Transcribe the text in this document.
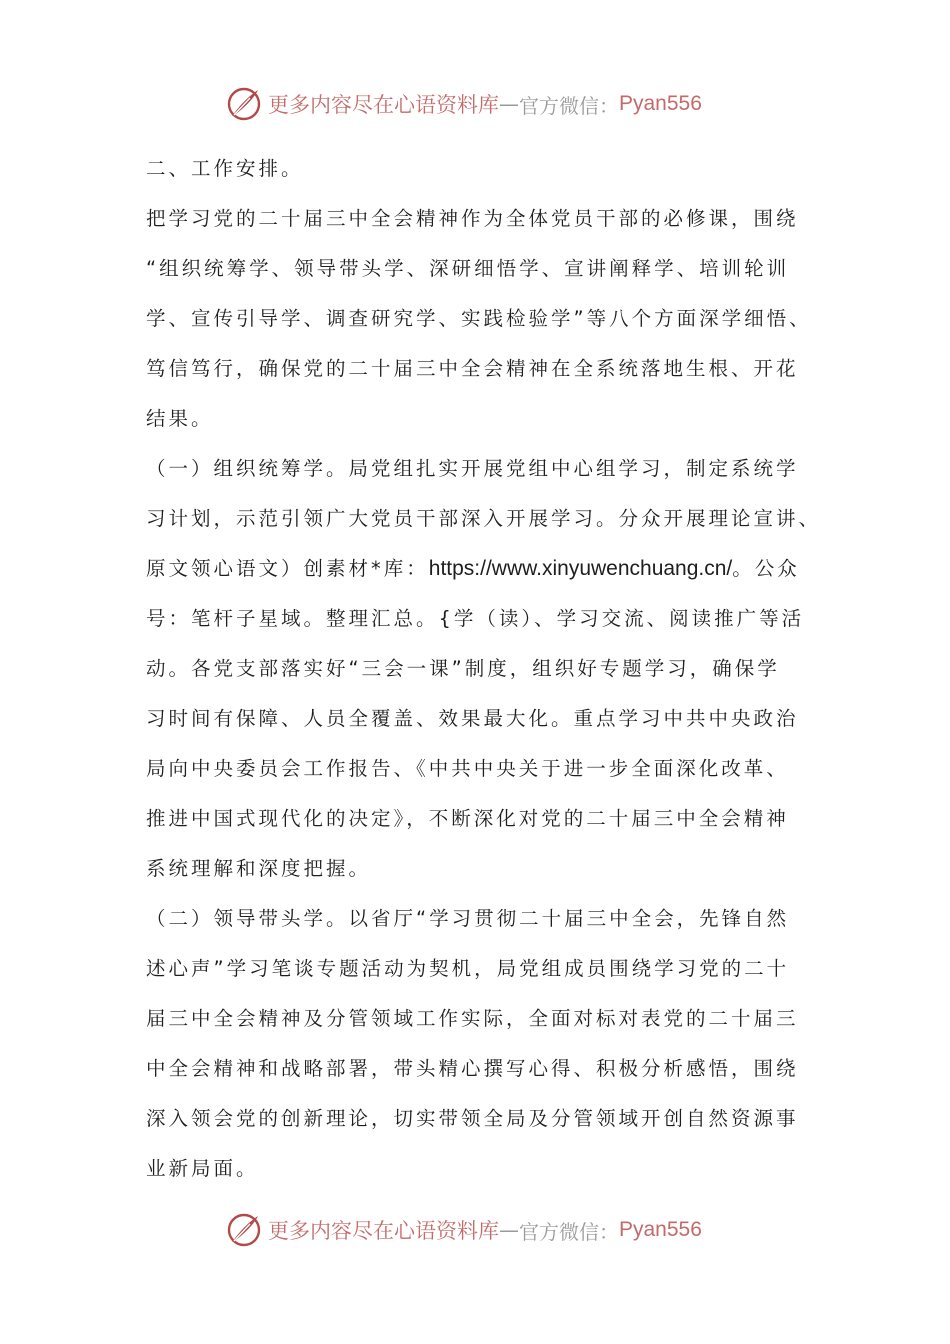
更多内容尽在心语资料库 — 官方微信： Pyan556

二、工作安排。

把学习党的二十届三中全会精神作为全体党员干部的必修课，围绕
“组织统筹学、领导带头学、深研细悟学、宣讲阐释学、培训轮训
学、宣传引导学、调查研究学、实践检验学”等八个方面深学细悟、
笃信笃行，确保党的二十届三中全会精神在全系统落地生根、开花
结果。

（一）组织统筹学。局党组扎实开展党组中心组学习，制定系统学
习计划，示范引领广大党员干部深入开展学习。分众开展理论宣讲、
原文领心语文）创素材*库：https://www.xinyuwenchuang.cn/。公众
号：笔杆子星域。整理汇总。{学（读）、学习交流、阅读推广等活
动。各党支部落实好“三会一课”制度，组织好专题学习，确保学
习时间有保障、人员全覆盖、效果最大化。重点学习中共中央政治
局向中央委员会工作报告、《中共中央关于进一步全面深化改革、
推进中国式现代化的决定》，不断深化对党的二十届三中全会精神
系统理解和深度把握。

（二）领导带头学。以省厅“学习贯彻二十届三中全会，先锋自然
述心声”学习笔谈专题活动为契机，局党组成员围绕学习党的二十
届三中全会精神及分管领域工作实际，全面对标对表党的二十届三
中全会精神和战略部署，带头精心撰写心得、积极分析感悟，围绕
深入领会党的创新理论，切实带领全局及分管领域开创自然资源事
业新局面。

更多内容尽在心语资料库 — 官方微信： Pyan556
